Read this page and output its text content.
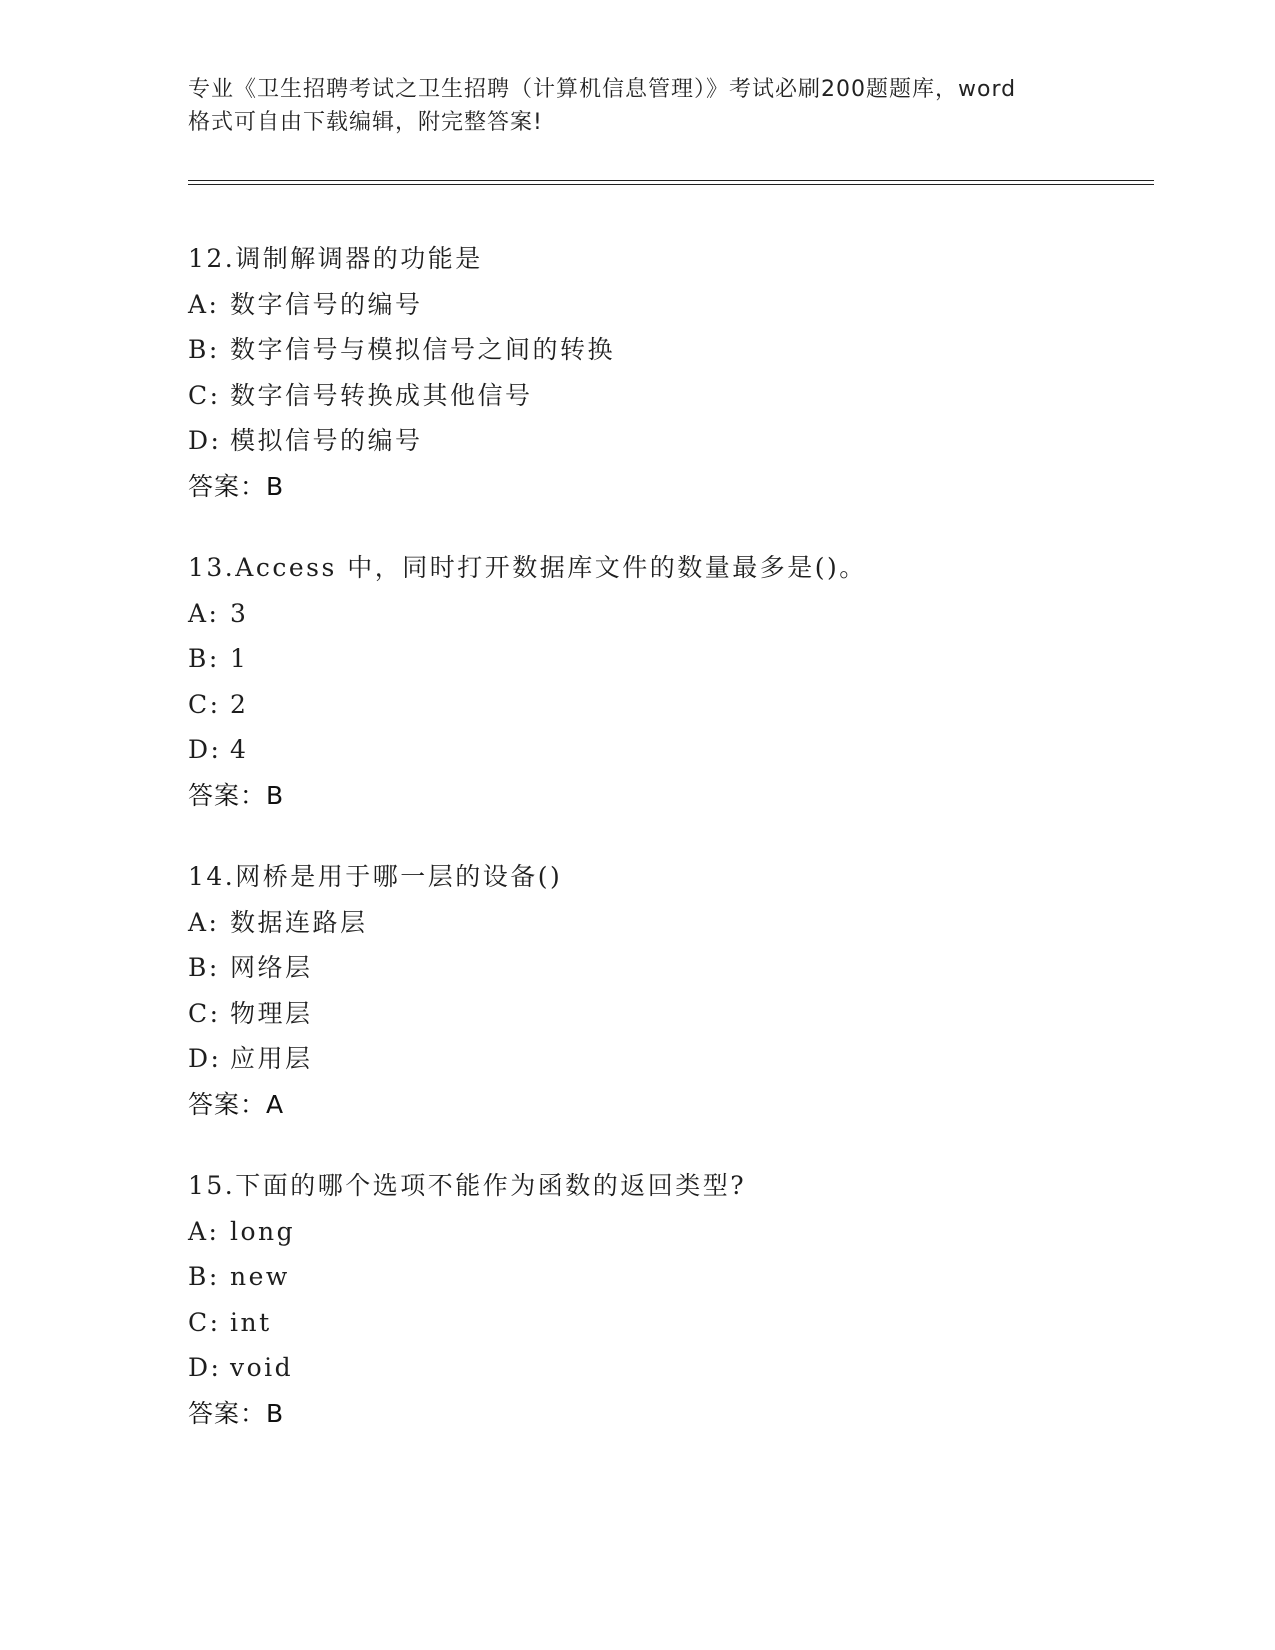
专业《卫生招聘考试之卫生招聘（计算机信息管理）》考试必刷200题题库，word
格式可自由下载编辑，附完整答案!
12.调制解调器的功能是
A: 数字信号的编号
B: 数字信号与模拟信号之间的转换
C: 数字信号转换成其他信号
D: 模拟信号的编号
答案：B
13.Access 中，同时打开数据库文件的数量最多是()。
A: 3
B: 1
C: 2
D: 4
答案：B
14.网桥是用于哪一层的设备()
A: 数据连路层
B: 网络层
C: 物理层
D: 应用层
答案：A
15.下面的哪个选项不能作为函数的返回类型?
A: long
B: new
C: int
D: void
答案：B
